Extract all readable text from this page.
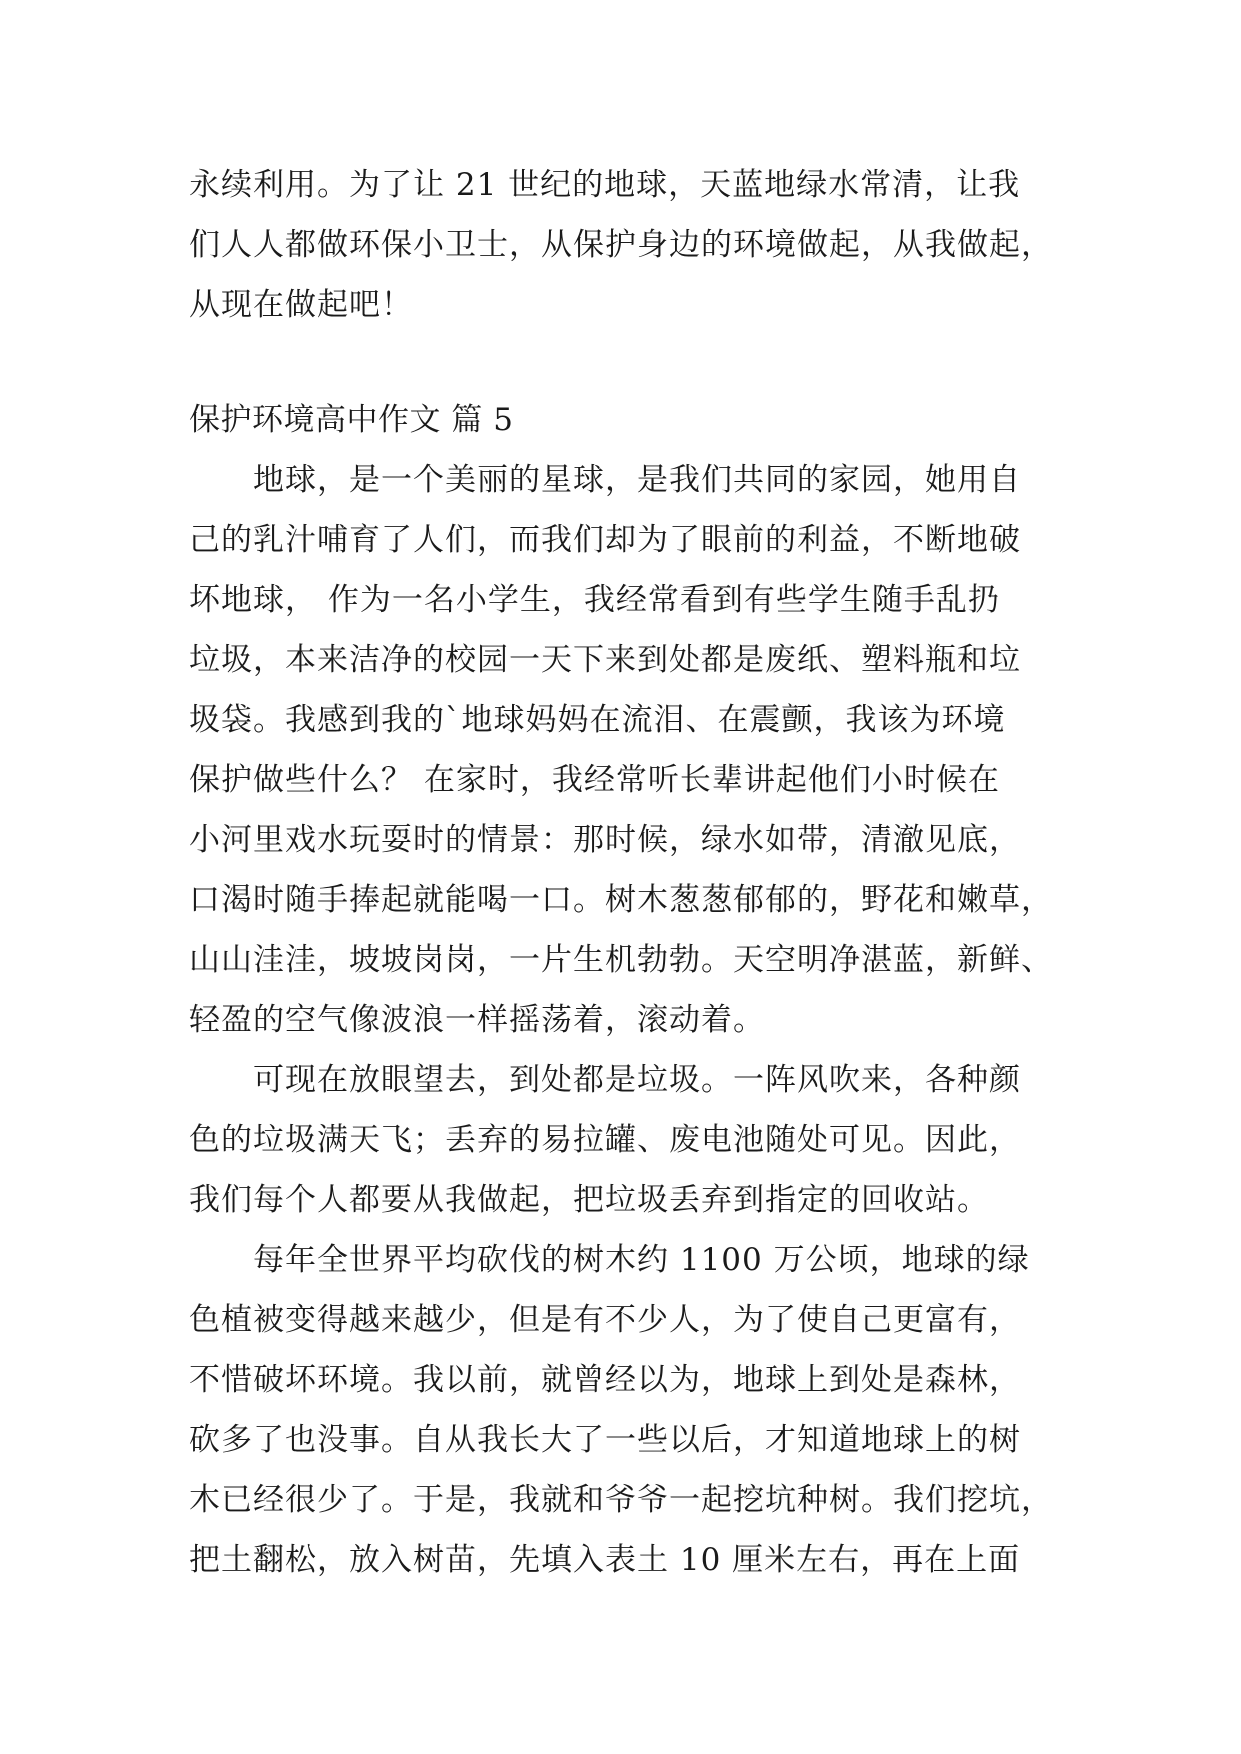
永续利用。为了让 21 世纪的地球，天蓝地绿水常清，让我
们人人都做环保小卫士，从保护身边的环境做起，从我做起，
从现在做起吧！
保护环境高中作文 篇 5
地球，是一个美丽的星球，是我们共同的家园，她用自
己的乳汁哺育了人们，而我们却为了眼前的利益，不断地破
坏地球， 作为一名小学生，我经常看到有些学生随手乱扔
垃圾，本来洁净的校园一天下来到处都是废纸、塑料瓶和垃
圾袋。我感到我的`地球妈妈在流泪、在震颤，我该为环境
保护做些什么？ 在家时，我经常听长辈讲起他们小时候在
小河里戏水玩耍时的情景：那时候，绿水如带，清澈见底，
口渴时随手捧起就能喝一口。树木葱葱郁郁的，野花和嫩草，
山山洼洼，坡坡岗岗，一片生机勃勃。天空明净湛蓝，新鲜、
轻盈的空气像波浪一样摇荡着，滚动着。
可现在放眼望去，到处都是垃圾。一阵风吹来，各种颜
色的垃圾满天飞；丢弃的易拉罐、废电池随处可见。因此，
我们每个人都要从我做起，把垃圾丢弃到指定的回收站。
每年全世界平均砍伐的树木约 1100 万公顷，地球的绿
色植被变得越来越少，但是有不少人，为了使自己更富有，
不惜破坏环境。我以前，就曾经以为，地球上到处是森林，
砍多了也没事。自从我长大了一些以后，才知道地球上的树
木已经很少了。于是，我就和爷爷一起挖坑种树。我们挖坑，
把土翻松，放入树苗，先填入表土 10 厘米左右，再在上面
